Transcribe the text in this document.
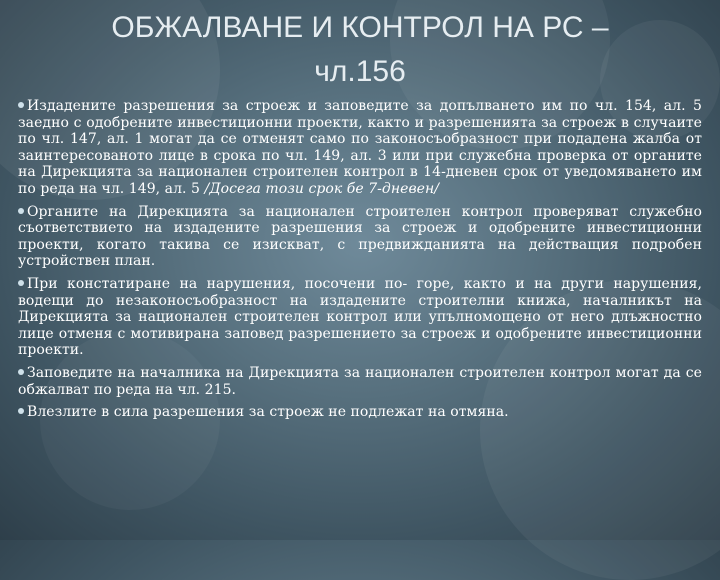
ОБЖАЛВАНЕ И КОНТРОЛ НА РС –
чл.156

Издадените разрешения за строеж и заповедите за допълването им по чл. 154, ал. 5 заедно с одобрените инвестиционни проекти, както и разрешенията за строеж в случаите по чл. 147, ал. 1 могат да се отменят само по законосъобразност при подадена жалба от заинтересованото лице в срока по чл. 149, ал. 3 или при служебна проверка от органите на Дирекцията за национален строителен контрол в 14-дневен срок от уведомяването им по реда на чл. 149, ал. 5 /Досега този срок бе 7-дневен/

Органите на Дирекцията за национален строителен контрол проверяват служебно съответствието на издадените разрешения за строеж и одобрените инвестиционни проекти, когато такива се изискват, с предвижданията на действащия подробен устройствен план.

При констатиране на нарушения, посочени по- горе, както и на други нарушения, водещи до незаконосъобразност на издадените строителни книжа, началникът на Дирекцията за национален строителен контрол или упълномощено от него длъжностно лице отменя с мотивирана заповед разрешението за строеж и одобрените инвестиционни проекти.

Заповедите на началника на Дирекцията за национален строителен контрол могат да се обжалват по реда на чл. 215.

Влезлите в сила разрешения за строеж не подлежат на отмяна.
